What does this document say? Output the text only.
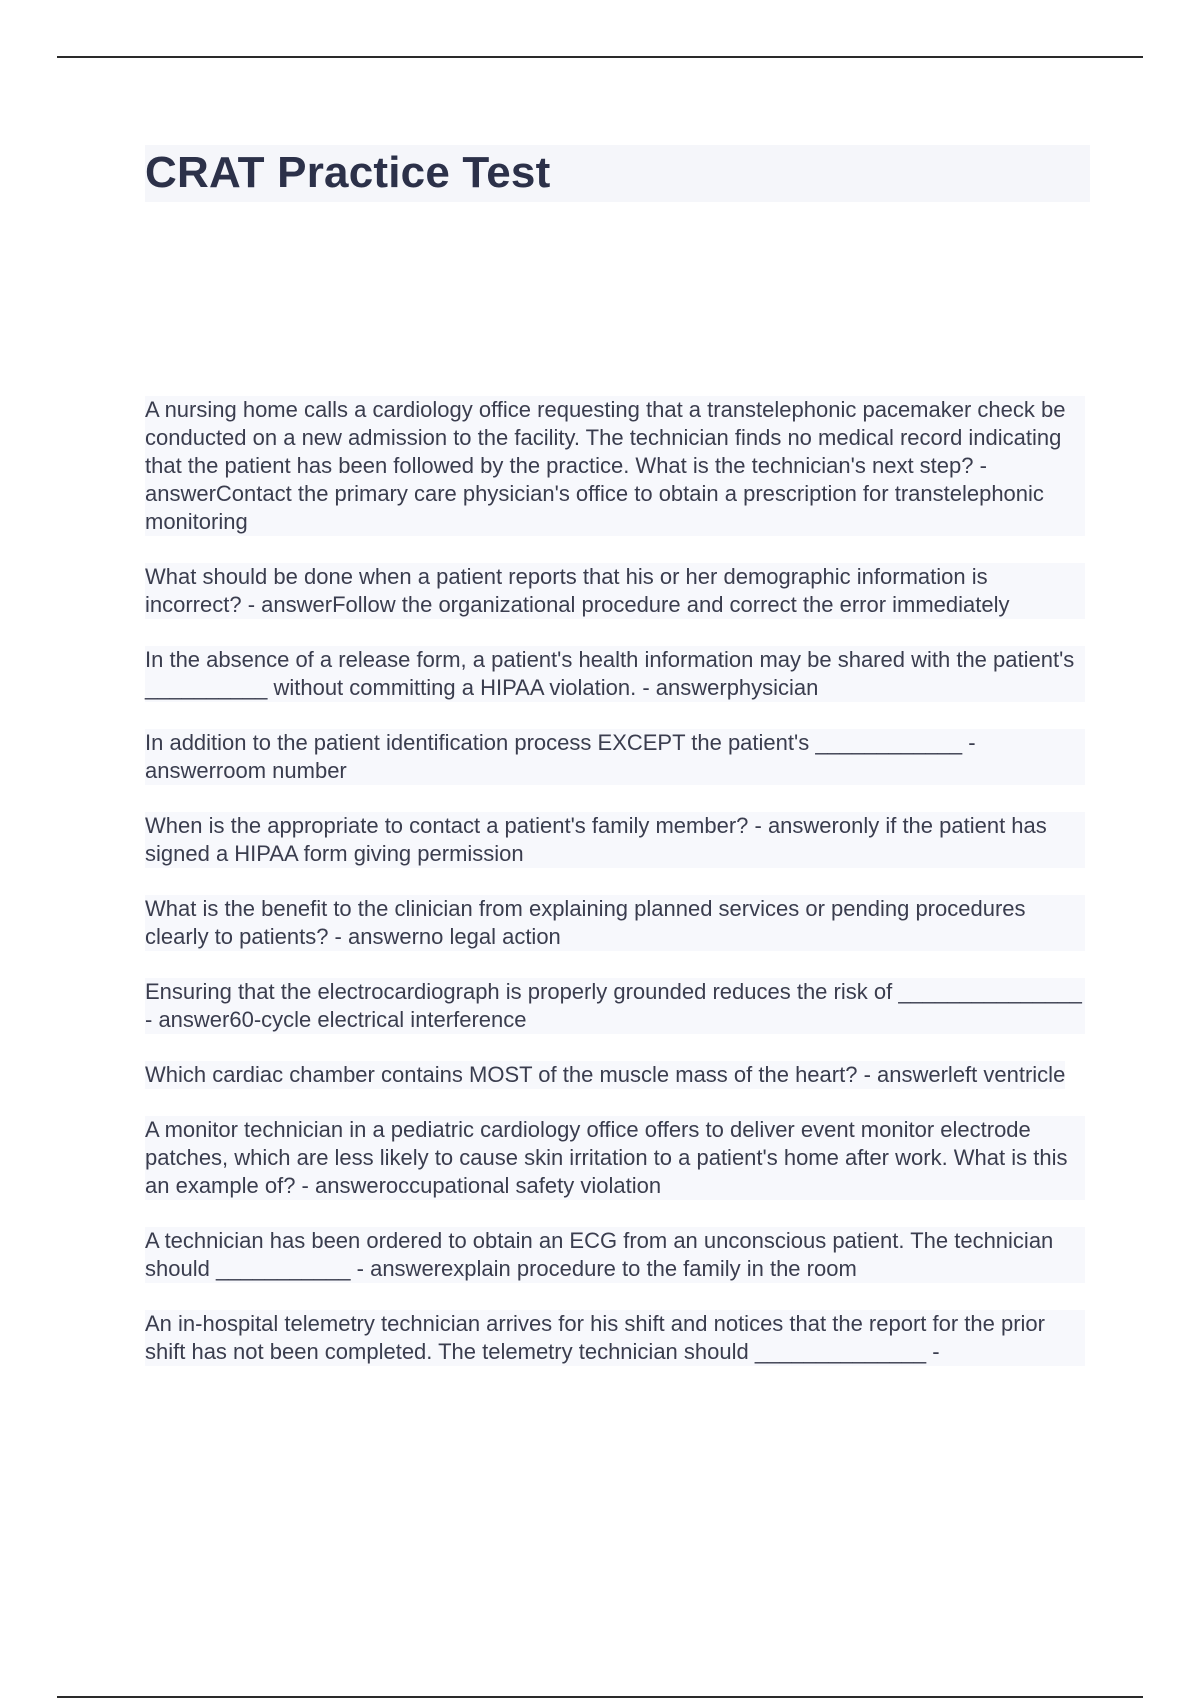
CRAT Practice Test

A nursing home calls a cardiology office requesting that a transtelephonic pacemaker check be conducted on a new admission to the facility. The technician finds no medical record indicating that the patient has been followed by the practice. What is the technician's next step? - answerContact the primary care physician's office to obtain a prescription for transtelephonic monitoring

What should be done when a patient reports that his or her demographic information is incorrect? - answerFollow the organizational procedure and correct the error immediately

In the absence of a release form, a patient's health information may be shared with the patient's __________ without committing a HIPAA violation. - answerphysician

In addition to the patient identification process EXCEPT the patient's ____________ - answerroom number

When is the appropriate to contact a patient's family member? - answeronly if the patient has signed a HIPAA form giving permission

What is the benefit to the clinician from explaining planned services or pending procedures clearly to patients? - answerno legal action

Ensuring that the electrocardiograph is properly grounded reduces the risk of _______________ - answer60-cycle electrical interference

Which cardiac chamber contains MOST of the muscle mass of the heart? - answerleft ventricle

A monitor technician in a pediatric cardiology office offers to deliver event monitor electrode patches, which are less likely to cause skin irritation to a patient's home after work. What is this an example of? - answeroccupational safety violation

A technician has been ordered to obtain an ECG from an unconscious patient. The technician should ___________ - answerexplain procedure to the family in the room

An in-hospital telemetry technician arrives for his shift and notices that the report for the prior shift has not been completed. The telemetry technician should ______________ -
